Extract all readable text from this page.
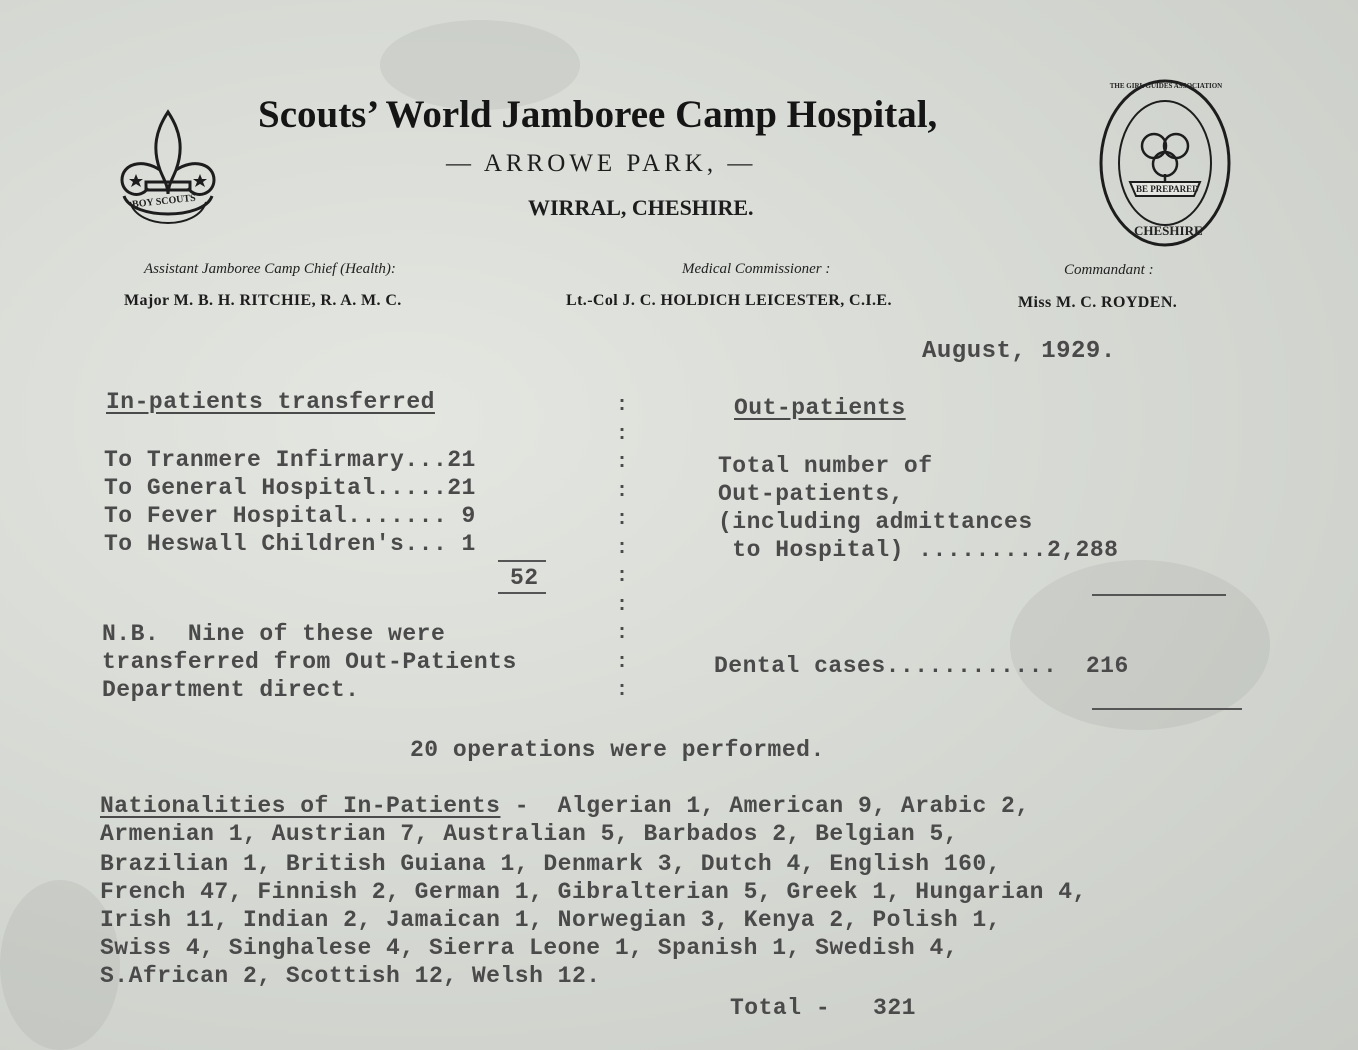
BOY SCOUTS
THE GIRL GUIDES ASSOCIATION
BE PREPARED
CHESHIRE
Scouts’ World Jamboree Camp Hospital,
— ARROWE PARK, —
WIRRAL, CHESHIRE.
Assistant Jamboree Camp Chief (Health):
Major M. B. H. RITCHIE, R. A. M. C.
Medical Commissioner :
Lt.-Col J. C. HOLDICH LEICESTER, C.I.E.
Commandant :
Miss M. C. ROYDEN.
August, 1929.
In-patients transferred
To Tranmere Infirmary...21
To General Hospital.....21
To Fever Hospital....... 9
To Heswall Children's... 1
52
N.B.  Nine of these were
transferred from Out-Patients
Department direct.
:
:
:
:
:
:
:
:
:
:
:
Out-patients
Total number of
Out-patients,
(including admittances
to Hospital) .........2,288
Dental cases............  216
20 operations were performed.
Nationalities of In-Patients -  Algerian 1, American 9, Arabic 2,
Armenian 1, Austrian 7, Australian 5, Barbados 2, Belgian 5,
Brazilian 1, British Guiana 1, Denmark 3, Dutch 4, English 160,
French 47, Finnish 2, German 1, Gibralterian 5, Greek 1, Hungarian 4,
Irish 11, Indian 2, Jamaican 1, Norwegian 3, Kenya 2, Polish 1,
Swiss 4, Singhalese 4, Sierra Leone 1, Spanish 1, Swedish 4,
S.African 2, Scottish 12, Welsh 12.
Total -   321
